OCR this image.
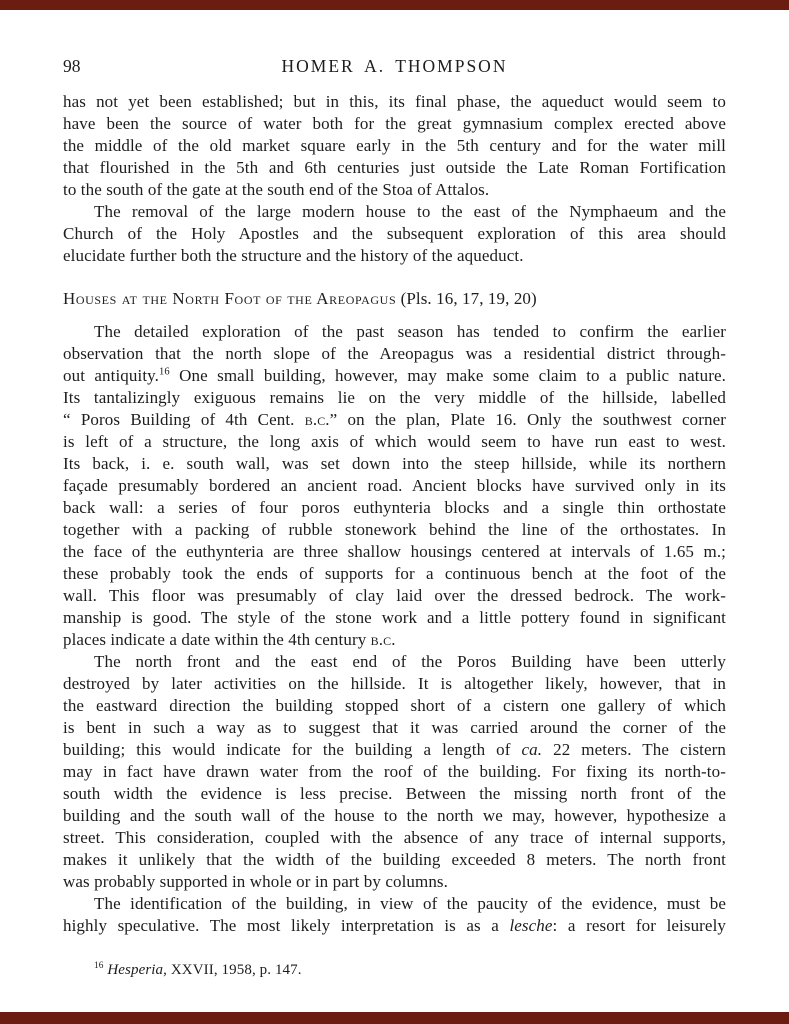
98	HOMER A. THOMPSON
has not yet been established; but in this, its final phase, the aqueduct would seem to
have been the source of water both for the great gymnasium complex erected above
the middle of the old market square early in the 5th century and for the water mill
that flourished in the 5th and 6th centuries just outside the Late Roman Fortification
to the south of the gate at the south end of the Stoa of Attalos.
The removal of the large modern house to the east of the Nymphaeum and the
Church of the Holy Apostles and the subsequent exploration of this area should
elucidate further both the structure and the history of the aqueduct.
Houses at the North Foot of the Areopagus (Pls. 16, 17, 19, 20)
The detailed exploration of the past season has tended to confirm the earlier
observation that the north slope of the Areopagus was a residential district through-
out antiquity.$^{16}$ One small building, however, may make some claim to a public nature.
Its tantalizingly exiguous remains lie on the very middle of the hillside, labelled
“ Poros Building of 4th Cent. b.c.” on the plan, Plate 16. Only the southwest corner
is left of a structure, the long axis of which would seem to have run east to west.
Its back, i. e. south wall, was set down into the steep hillside, while its northern
façade presumably bordered an ancient road. Ancient blocks have survived only in its
back wall: a series of four poros euthynteria blocks and a single thin orthostate
together with a packing of rubble stonework behind the line of the orthostates. In
the face of the euthynteria are three shallow housings centered at intervals of 1.65 m.;
these probably took the ends of supports for a continuous bench at the foot of the
wall. This floor was presumably of clay laid over the dressed bedrock. The work-
manship is good. The style of the stone work and a little pottery found in significant
places indicate a date within the 4th century b.c.
The north front and the east end of the Poros Building have been utterly
destroyed by later activities on the hillside. It is altogether likely, however, that in
the eastward direction the building stopped short of a cistern one gallery of which
is bent in such a way as to suggest that it was carried around the corner of the
building; this would indicate for the building a length of ca. 22 meters. The cistern
may in fact have drawn water from the roof of the building. For fixing its north-to-
south width the evidence is less precise. Between the missing north front of the
building and the south wall of the house to the north we may, however, hypothesize a
street. This consideration, coupled with the absence of any trace of internal supports,
makes it unlikely that the width of the building exceeded 8 meters. The north front
was probably supported in whole or in part by columns.
The identification of the building, in view of the paucity of the evidence, must be
highly speculative. The most likely interpretation is as a lesche: a resort for leisurely
$^{16}$ Hesperia, XXVII, 1958, p. 147.
